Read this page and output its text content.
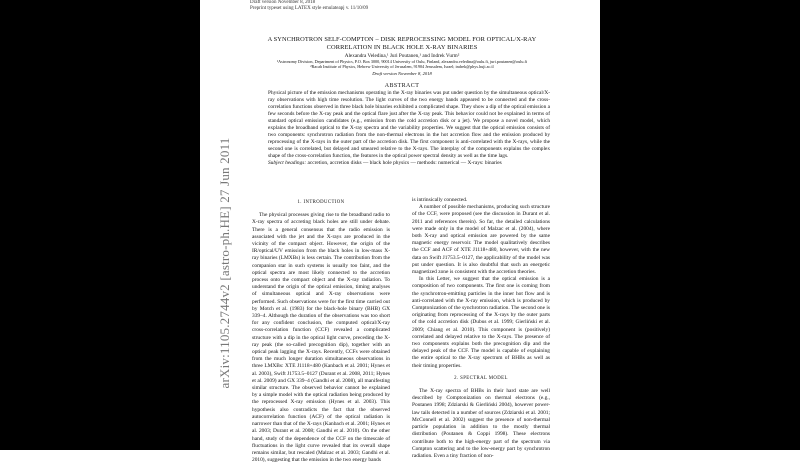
Draft version November 8, 2018
Preprint typeset using LATEX style emulateapj v. 11/10/09
arXiv:1105.2744v2 [astro-ph.HE] 27 Jun 2011
A SYNCHROTRON SELF-COMPTON – DISK REPROCESSING MODEL FOR OPTICAL/X-RAY CORRELATION IN BLACK HOLE X-RAY BINARIES
Alexandra Veledina,¹ Juri Poutanen,¹ and Indrek Vurm²
¹Astronomy Division, Department of Physics, P.O. Box 3000, 90014 University of Oulu, Finland, alexandra.veledina@oulu.fi, juri.poutanen@oulu.fi
²Racah Institute of Physics, Hebrew University of Jerusalem, 91904 Jerusalem, Israel; indrek@phys.huji.ac.il
Draft version November 8, 2018
ABSTRACT
Physical picture of the emission mechanisms operating in the X-ray binaries was put under question by the simultaneous optical/X-ray observations with high time resolution. The light curves of the two energy bands appeared to be connected and the cross-correlation functions observed in three black hole binaries exhibited a complicated shape. They show a dip of the optical emission a few seconds before the X-ray peak and the optical flare just after the X-ray peak. This behavior could not be explained in terms of standard optical emission candidates (e.g., emission from the cold accretion disk or a jet). We propose a novel model, which explains the broadband optical to the X-ray spectra and the variability properties. We suggest that the optical emission consists of two components: synchrotron radiation from the non-thermal electrons in the hot accretion flow and the emission produced by reprocessing of the X-rays in the outer part of the accretion disk. The first component is anti-correlated with the X-rays, while the second one is correlated, but delayed and smeared relative to the X-rays. The interplay of the components explains the complex shape of the cross-correlation function, the features in the optical power spectral density as well as the time lags.
Subject headings: accretion, accretion disks — black hole physics — methods: numerical — X-rays: binaries
1. INTRODUCTION

The physical processes giving rise to the broadband radio to X-ray spectra of accreting black holes are still under debate. There is a general consensus that the radio emission is associated with the jet and the X-rays are produced in the vicinity of the compact object. However, the origin of the IR/optical/UV emission from the black holes in low-mass X-ray binaries (LMXBs) is less certain. The contribution from the companion star in such systems is usually too faint, and the optical spectra are most likely connected to the accretion process onto the compact object and the X-ray radiation. To understand the origin of the optical emission, timing analyses of simultaneous optical and X-ray observations were performed. Such observations were for the first time carried out by Motch et al. (1983) for the black-hole binary (BHB) GX 339–4. Although the duration of the observations was too short for any confident conclusion, the computed optical/X-ray cross-correlation function (CCF) revealed a complicated structure with a dip in the optical light curve, preceding the X-ray peak (the so-called precognition dip), together with an optical peak lagging the X-rays. Recently, CCFs were obtained from the much longer duration simultaneous observations in three LMXBs: XTE J1118+480 (Kanbach et al. 2001; Hynes et al. 2003), Swift J1753.5–0127 (Durant et al. 2008, 2011; Hynes et al. 2009) and GX 339–4 (Gandhi et al. 2008), all manifesting similar structure. The observed behavior cannot be explained by a simple model with the optical radiation being produced by the reprocessed X-ray emission (Hynes et al. 2003). This hypothesis also contradicts the fact that the observed autocorrelation function (ACF) of the optical radiation is narrower than that of the X-rays (Kanbach et al. 2001; Hynes et al. 2003; Durant et al. 2008; Gandhi et al. 2010). On the other hand, study of the dependence of the CCF on the timescale of fluctuations in the light curve revealed that its overall shape remains similar, but rescaled (Malzac et al. 2003; Gandhi et al. 2010), suggesting that the emission in the two energy bands

is intrinsically connected.

A number of possible mechanisms, producing such structure of the CCF, were proposed (see the discussion in Durant et al. 2011 and references therein). So far, the detailed calculations were made only in the model of Malzac et al. (2004), where both X-ray and optical emission are powered by the same magnetic energy reservoir. The model qualitatively describes the CCF and ACF of XTE J1118+480, however, with the new data on Swift J1753.5–0127, the applicability of the model was put under question. It is also doubtful that such an energetic magnetized zone is consistent with the accretion theories.

In this Letter, we suggest that the optical emission is a composition of two components. The first one is coming from the synchrotron-emitting particles in the inner hot flow and is anti-correlated with the X-ray emission, which is produced by Comptonization of the synchrotron radiation. The second one is originating from reprocessing of the X-rays by the outer parts of the cold accretion disk (Dubus et al. 1999; Gierliński et al. 2009; Chiang et al. 2010). This component is (positively) correlated and delayed relative to the X-rays. The presence of two components explains both the precognition dip and the delayed peak of the CCF. The model is capable of explaining the entire optical to the X-ray spectrum of BHBs as well as their timing properties.

2. SPECTRAL MODEL

The X-ray spectra of BHBs in their hard state are well described by Comptonization on thermal electrons (e.g., Poutanen 1998; Zdziarski & Gierliński 2004), however power-law tails detected in a number of sources (Zdziarski et al. 2001; McConnell et al. 2002) suggest the presence of non-thermal particle population in addition to the mostly thermal distribution (Poutanen & Coppi 1998). These electrons contribute both to the high-energy part of the spectrum via Compton scattering and to the low-energy part by synchrotron radiation. Even a tiny fraction of non-
